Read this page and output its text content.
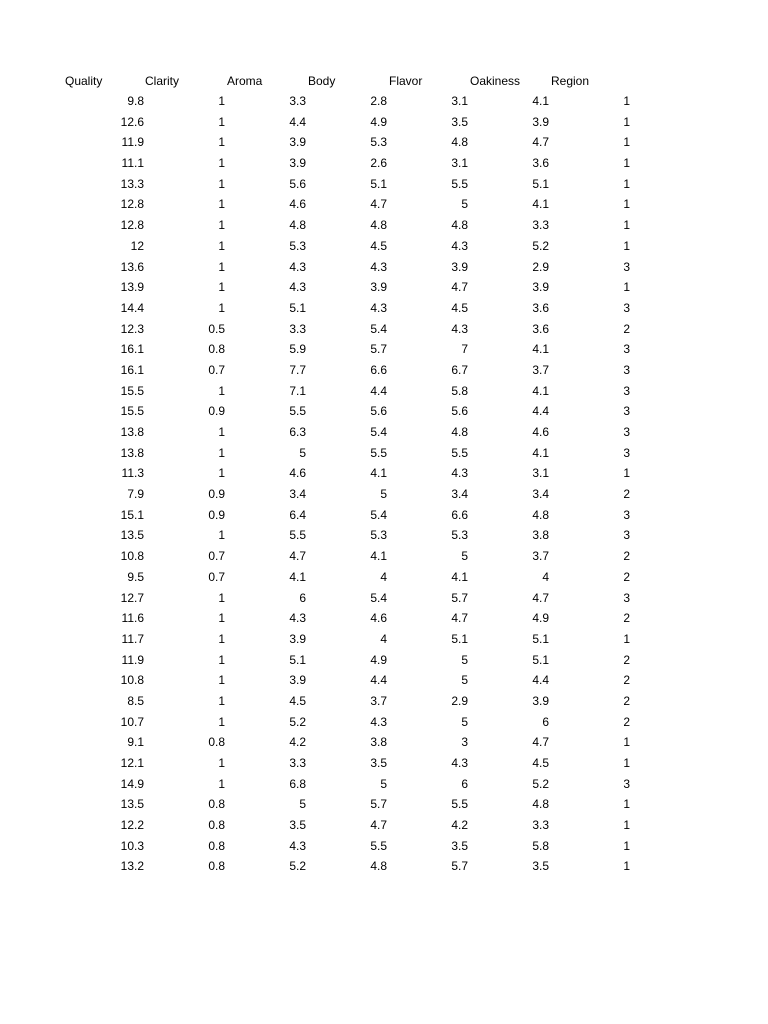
Quality	Clarity	Aroma	Body	Flavor	Oakiness	Region
9.8	1	3.3	2.8	3.1	4.1	1
12.6	1	4.4	4.9	3.5	3.9	1
11.9	1	3.9	5.3	4.8	4.7	1
11.1	1	3.9	2.6	3.1	3.6	1
13.3	1	5.6	5.1	5.5	5.1	1
12.8	1	4.6	4.7	5	4.1	1
12.8	1	4.8	4.8	4.8	3.3	1
12	1	5.3	4.5	4.3	5.2	1
13.6	1	4.3	4.3	3.9	2.9	3
13.9	1	4.3	3.9	4.7	3.9	1
14.4	1	5.1	4.3	4.5	3.6	3
12.3	0.5	3.3	5.4	4.3	3.6	2
16.1	0.8	5.9	5.7	7	4.1	3
16.1	0.7	7.7	6.6	6.7	3.7	3
15.5	1	7.1	4.4	5.8	4.1	3
15.5	0.9	5.5	5.6	5.6	4.4	3
13.8	1	6.3	5.4	4.8	4.6	3
13.8	1	5	5.5	5.5	4.1	3
11.3	1	4.6	4.1	4.3	3.1	1
7.9	0.9	3.4	5	3.4	3.4	2
15.1	0.9	6.4	5.4	6.6	4.8	3
13.5	1	5.5	5.3	5.3	3.8	3
10.8	0.7	4.7	4.1	5	3.7	2
9.5	0.7	4.1	4	4.1	4	2
12.7	1	6	5.4	5.7	4.7	3
11.6	1	4.3	4.6	4.7	4.9	2
11.7	1	3.9	4	5.1	5.1	1
11.9	1	5.1	4.9	5	5.1	2
10.8	1	3.9	4.4	5	4.4	2
8.5	1	4.5	3.7	2.9	3.9	2
10.7	1	5.2	4.3	5	6	2
9.1	0.8	4.2	3.8	3	4.7	1
12.1	1	3.3	3.5	4.3	4.5	1
14.9	1	6.8	5	6	5.2	3
13.5	0.8	5	5.7	5.5	4.8	1
12.2	0.8	3.5	4.7	4.2	3.3	1
10.3	0.8	4.3	5.5	3.5	5.8	1
13.2	0.8	5.2	4.8	5.7	3.5	1
